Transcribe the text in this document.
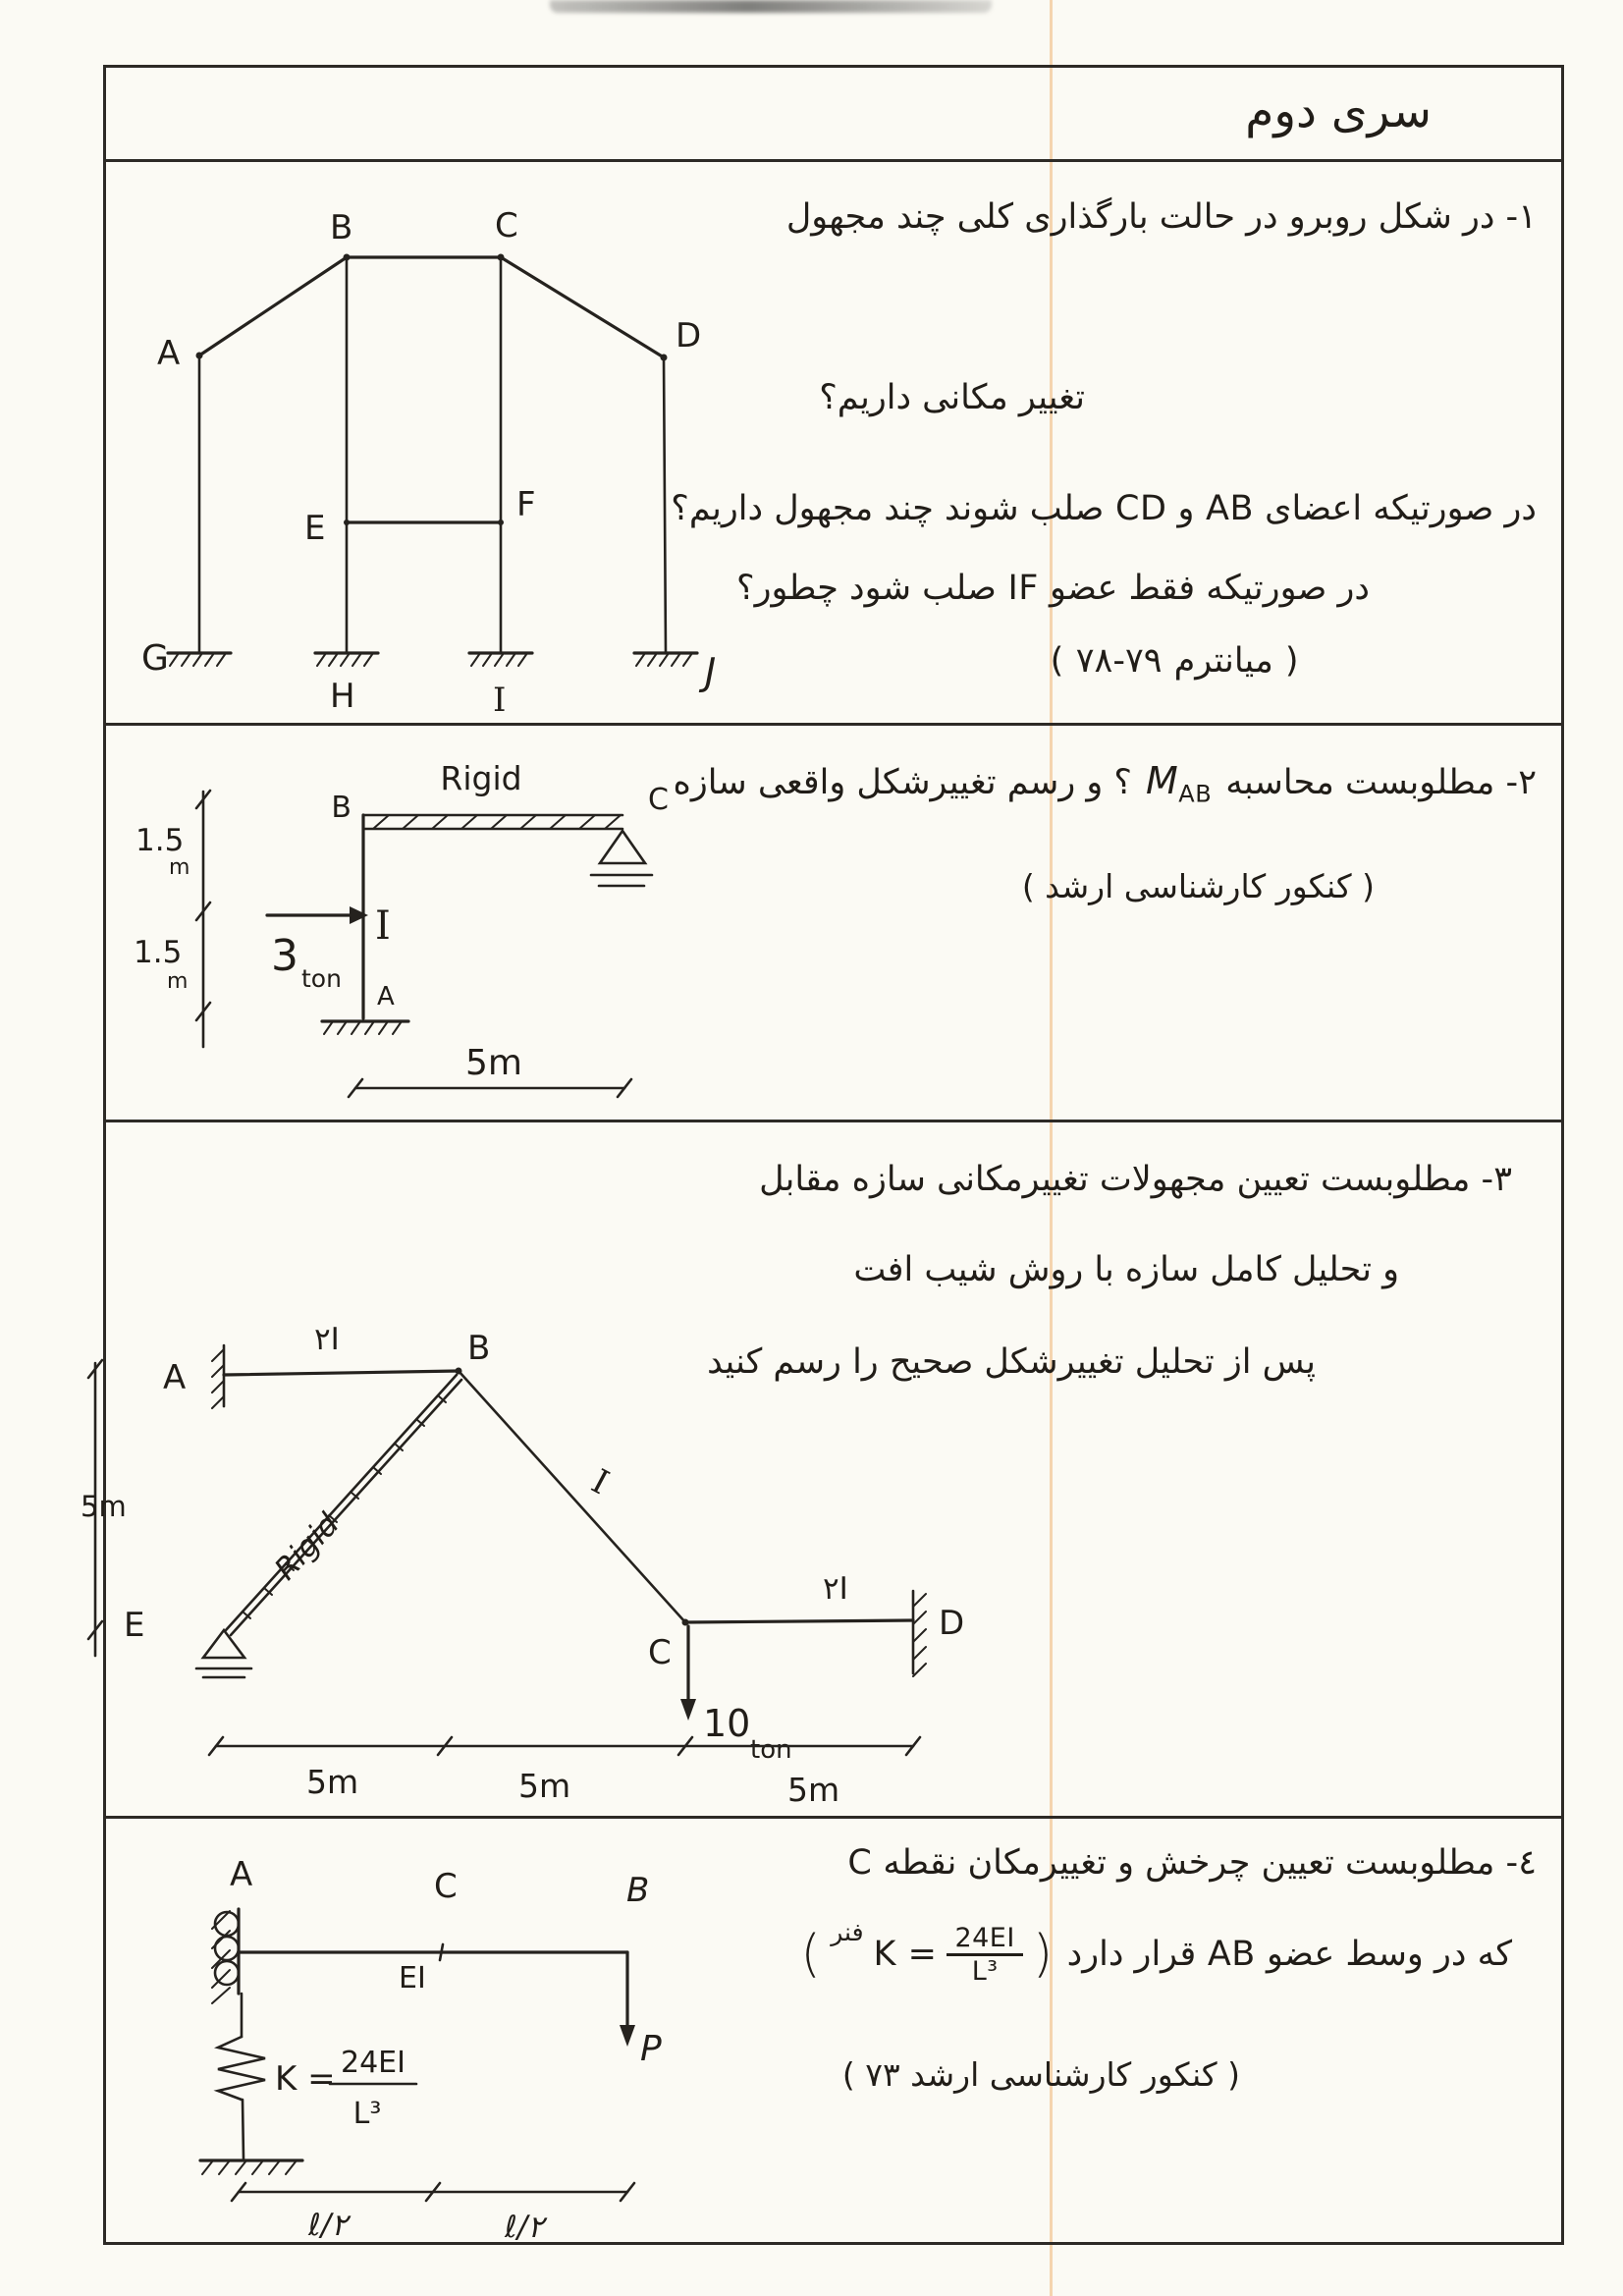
سری دوم
۱- در شکل روبرو در حالت بارگذاری کلی چند مجهول
تغییر مکانی داریم؟
در صورتیکه اعضای AB و CD صلب شوند چند مجهول داریم؟
در صورتیکه فقط عضو IF صلب شود چطور؟
( ۷۸-۷۹ میانترم )
A
B	C
D
E
F
G
H	I
J
۲- مطلوبست محاسبه
$M_{AB}$
؟ و رسم تغییرشکل واقعی سازه
( کنکور کارشناسی ارشد )
1.5
m
1.5
m
Rigid
B	C
I
3 ton
A
5m
۳- مطلوبست تعیین مجهولات تغییرمکانی سازه مقابل
و تحلیل کامل سازه با روش شیب افت
پس از تحلیل تغییرشکل صحیح را رسم کنید
A
۲I	B
5m
E
Rigid
I
C
10
ton
۲I
D
5m	5m	5m
٤- مطلوبست تعیین چرخش و تغییرمکان نقطه C
که در وسط عضو AB قرار دارد
( فنر
$K = \frac{24EI}{\text{L³}}$ )
( کنکور کارشناسی ارشد ۷۳ )
A	C	B
EI
K = 24EI
L³
P
ℓ/۲	ℓ/۲
